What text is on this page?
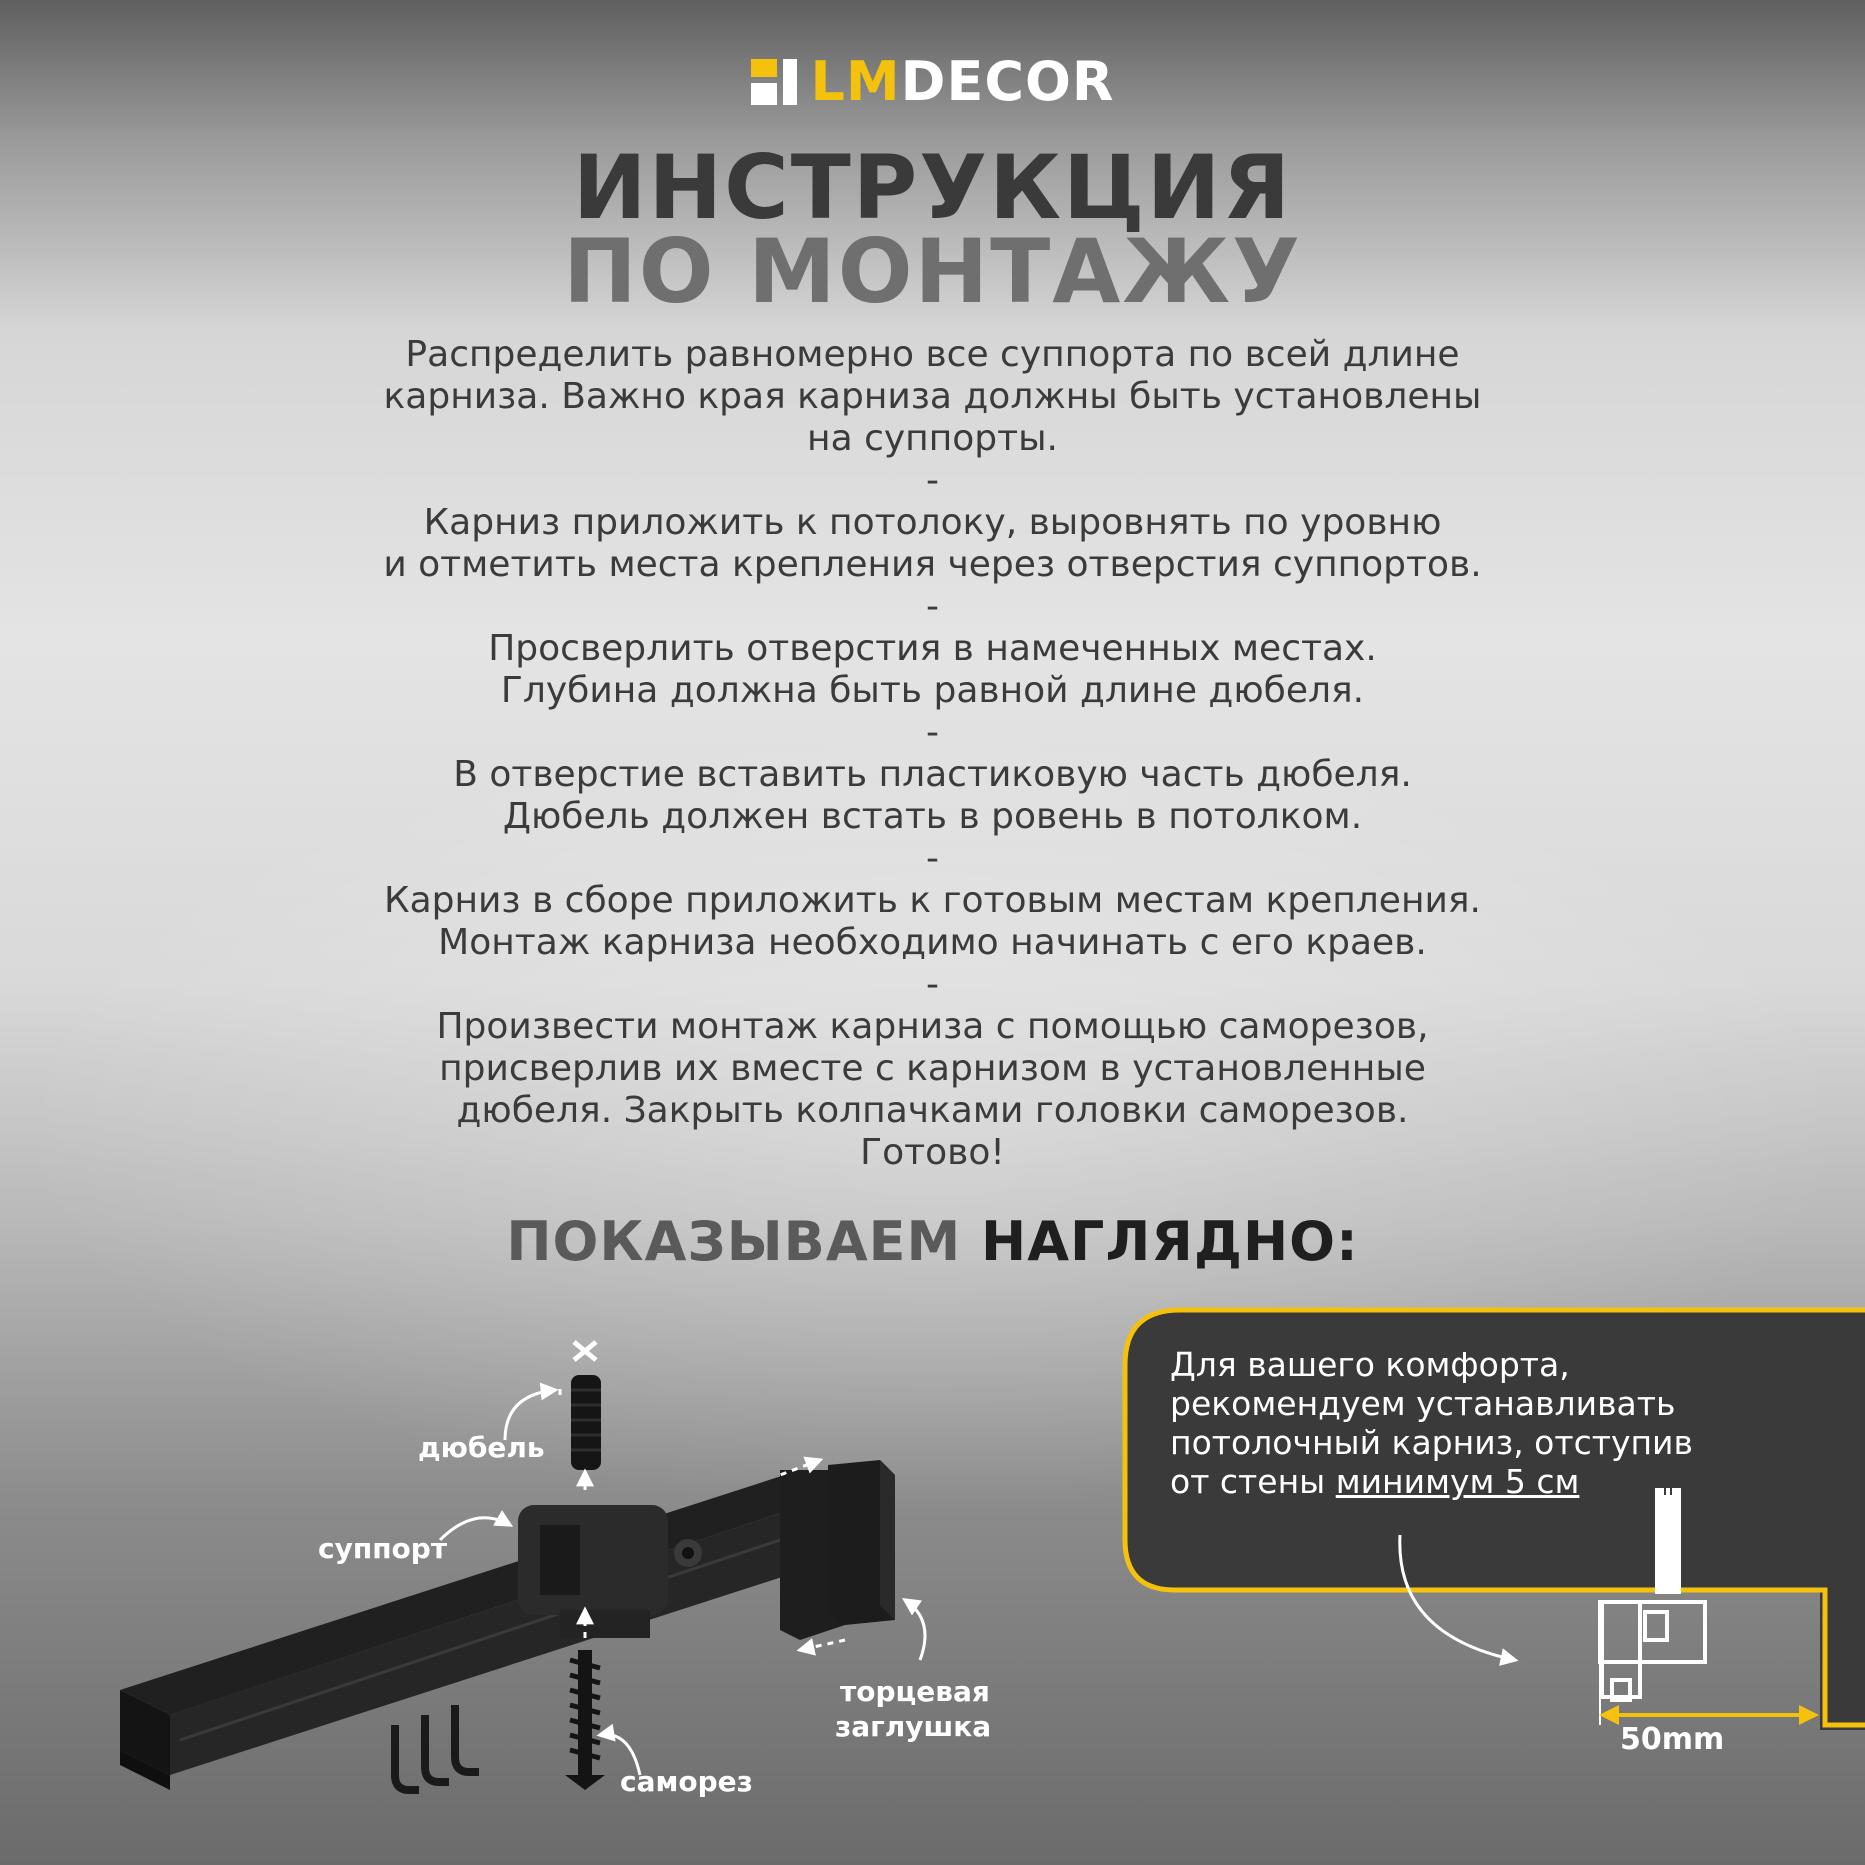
LMDECOR
ИНСТРУКЦИЯ
ПО МОНТАЖУ
Распределить равномерно все суппорта по всей длине
карниза. Важно края карниза должны быть установлены
на суппорты.
-
Карниз приложить к потолоку, выровнять по уровню
и отметить места крепления через отверстия суппортов.
-
Просверлить отверстия в намеченных местах.
Глубина должна быть равной длине дюбеля.
-
В отверстие вставить пластиковую часть дюбеля.
Дюбель должен встать в ровень в потолком.
-
Карниз в сборе приложить к готовым местам крепления.
Монтаж карниза необходимо начинать с его краев.
-
Произвести монтаж карниза с помощью саморезов,
присверлив их вместе с карнизом в установленные
дюбеля. Закрыть колпачками головки саморезов.
Готово!
ПОКАЗЫВАЕМ НАГЛЯДНО:
дюбель
суппорт
торцевая
заглушка
саморез
Для вашего комфорта,
рекомендуем устанавливать
потолочный карниз, отступив
от стены минимум 5 см
50mm
